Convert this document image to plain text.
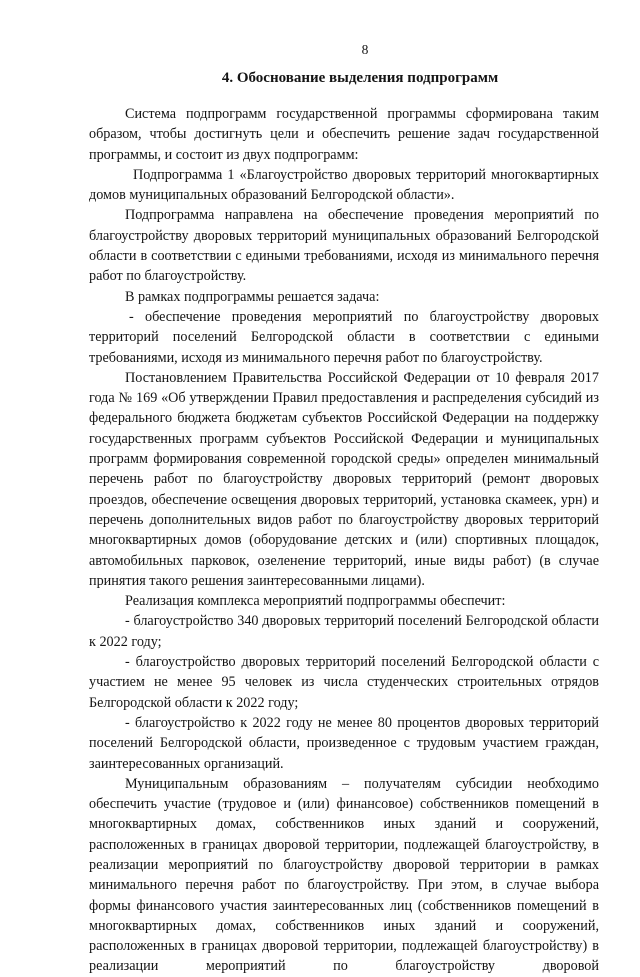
8
4. Обоснование выделения подпрограмм

Система подпрограмм государственной программы сформирована таким образом, чтобы достигнуть цели и обеспечить решение задач государственной программы, и состоит из двух подпрограмм:

Подпрограмма 1 «Благоустройство дворовых территорий многоквартирных домов муниципальных образований Белгородской области».

Подпрограмма направлена на обеспечение проведения мероприятий по благоустройству дворовых территорий муниципальных образований Белгородской области в соответствии с едиными требованиями, исходя из минимального перечня работ по благоустройству.

В рамках подпрограммы решается задача:

- обеспечение проведения мероприятий по благоустройству дворовых территорий поселений Белгородской области в соответствии с едиными требованиями, исходя из минимального перечня работ по благоустройству.

Постановлением Правительства Российской Федерации от 10 февраля 2017 года № 169 «Об утверждении Правил предоставления и распределения субсидий из федерального бюджета бюджетам субъектов Российской Федерации на поддержку государственных программ субъектов Российской Федерации и муниципальных программ формирования современной городской среды» определен минимальный перечень работ по благоустройству дворовых территорий (ремонт дворовых проездов, обеспечение освещения дворовых территорий, установка скамеек, урн) и перечень дополнительных видов работ по благоустройству дворовых территорий многоквартирных домов (оборудование детских и (или) спортивных площадок, автомобильных парковок, озеленение территорий, иные виды работ) (в случае принятия такого решения заинтересованными лицами).

Реализация комплекса мероприятий подпрограммы обеспечит:

- благоустройство 340 дворовых территорий поселений Белгородской области к 2022 году;

- благоустройство дворовых территорий поселений Белгородской области с участием не менее 95 человек из числа студенческих строительных отрядов Белгородской области к 2022 году;

- благоустройство к 2022 году не менее 80 процентов дворовых территорий поселений Белгородской области, произведенное с трудовым участием граждан, заинтересованных организаций.

Муниципальным образованиям – получателям субсидии необходимо обеспечить участие (трудовое и (или) финансовое) собственников помещений в многоквартирных домах, собственников иных зданий и сооружений, расположенных в границах дворовой территории, подлежащей благоустройству, в реализации мероприятий по благоустройству дворовой территории в рамках минимального перечня работ по благоустройству. При этом, в случае выбора формы финансового участия заинтересованных лиц (собственников помещений в многоквартирных домах, собственников иных зданий и сооружений, расположенных в границах дворовой территории, подлежащей благоустройству) в реализации мероприятий по благоустройству дворовой
